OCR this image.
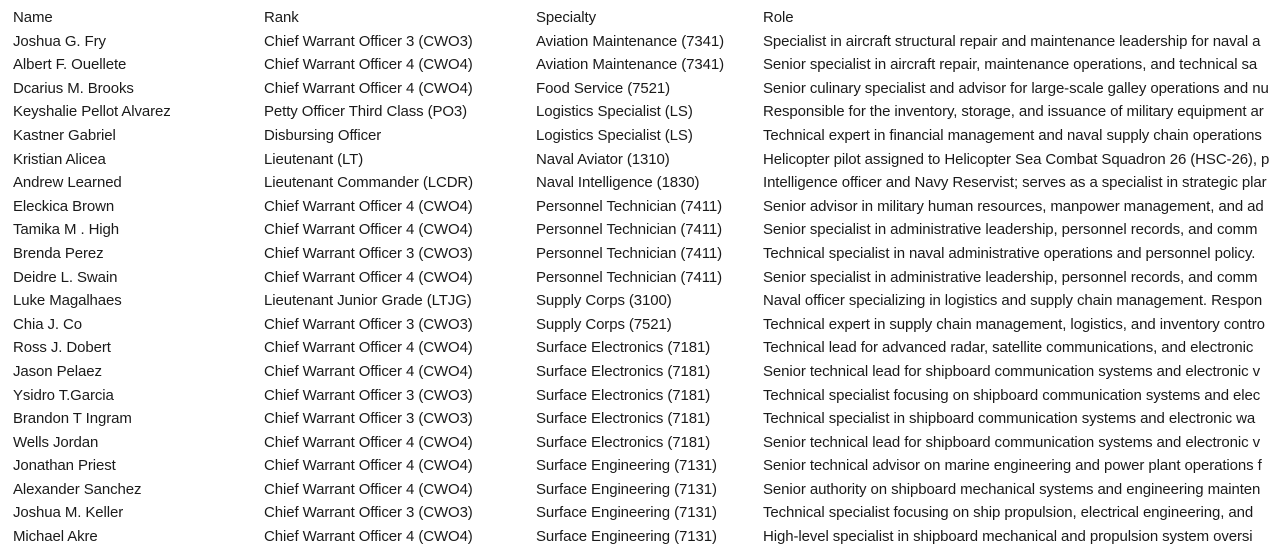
Name	Rank	Specialty	Role
Joshua G. Fry	Chief Warrant Officer 3 (CWO3)	Aviation Maintenance (7341)	Specialist in aircraft structural repair and maintenance leadership for naval a
Albert F. Ouellete	Chief Warrant Officer 4 (CWO4)	Aviation Maintenance (7341)	Senior specialist in aircraft repair, maintenance operations, and technical sa
Dcarius M. Brooks	Chief Warrant Officer 4 (CWO4)	Food Service (7521)	Senior culinary specialist and advisor for large-scale galley operations and nu
Keyshalie Pellot Alvarez	Petty Officer Third Class (PO3)	Logistics Specialist (LS)	Responsible for the inventory, storage, and issuance of military equipment ar
Kastner Gabriel	Disbursing Officer	Logistics Specialist (LS)	Technical expert in financial management and naval supply chain operations
Kristian Alicea	Lieutenant (LT)	Naval Aviator (1310)	Helicopter pilot assigned to Helicopter Sea Combat Squadron 26 (HSC-26), p
Andrew Learned	Lieutenant Commander (LCDR)	Naval Intelligence (1830)	Intelligence officer and Navy Reservist; serves as a specialist in strategic plar
Eleckica Brown	Chief Warrant Officer 4 (CWO4)	Personnel Technician (7411)	Senior advisor in military human resources, manpower management, and ad
Tamika M . High	Chief Warrant Officer 4 (CWO4)	Personnel Technician (7411)	Senior specialist in administrative leadership, personnel records, and comm
Brenda Perez	Chief Warrant Officer 3 (CWO3)	Personnel Technician (7411)	Technical specialist in naval administrative operations and personnel policy.
Deidre L. Swain	Chief Warrant Officer 4 (CWO4)	Personnel Technician (7411)	Senior specialist in administrative leadership, personnel records, and comm
Luke Magalhaes	Lieutenant Junior Grade (LTJG)	Supply Corps (3100)	Naval officer specializing in logistics and supply chain management. Respon
Chia J. Co	Chief Warrant Officer 3 (CWO3)	Supply Corps (7521)	Technical expert in supply chain management, logistics, and inventory contro
Ross J. Dobert	Chief Warrant Officer 4 (CWO4)	Surface Electronics (7181)	Technical lead for advanced radar, satellite communications, and electronic
Jason Pelaez	Chief Warrant Officer 4 (CWO4)	Surface Electronics (7181)	Senior technical lead for shipboard communication systems and electronic v
Ysidro T.Garcia	Chief Warrant Officer 3 (CWO3)	Surface Electronics (7181)	Technical specialist focusing on shipboard communication systems and elec
Brandon T Ingram	Chief Warrant Officer 3 (CWO3)	Surface Electronics (7181)	Technical specialist in shipboard communication systems and electronic wa
Wells Jordan	Chief Warrant Officer 4 (CWO4)	Surface Electronics (7181)	Senior technical lead for shipboard communication systems and electronic v
Jonathan Priest	Chief Warrant Officer 4 (CWO4)	Surface Engineering (7131)	Senior technical advisor on marine engineering and power plant operations f
Alexander Sanchez	Chief Warrant Officer 4 (CWO4)	Surface Engineering (7131)	Senior authority on shipboard mechanical systems and engineering mainten
Joshua M. Keller	Chief Warrant Officer 3 (CWO3)	Surface Engineering (7131)	Technical specialist focusing on ship propulsion, electrical engineering, and
Michael Akre	Chief Warrant Officer 4 (CWO4)	Surface Engineering (7131)	High-level specialist in shipboard mechanical and propulsion system oversi
